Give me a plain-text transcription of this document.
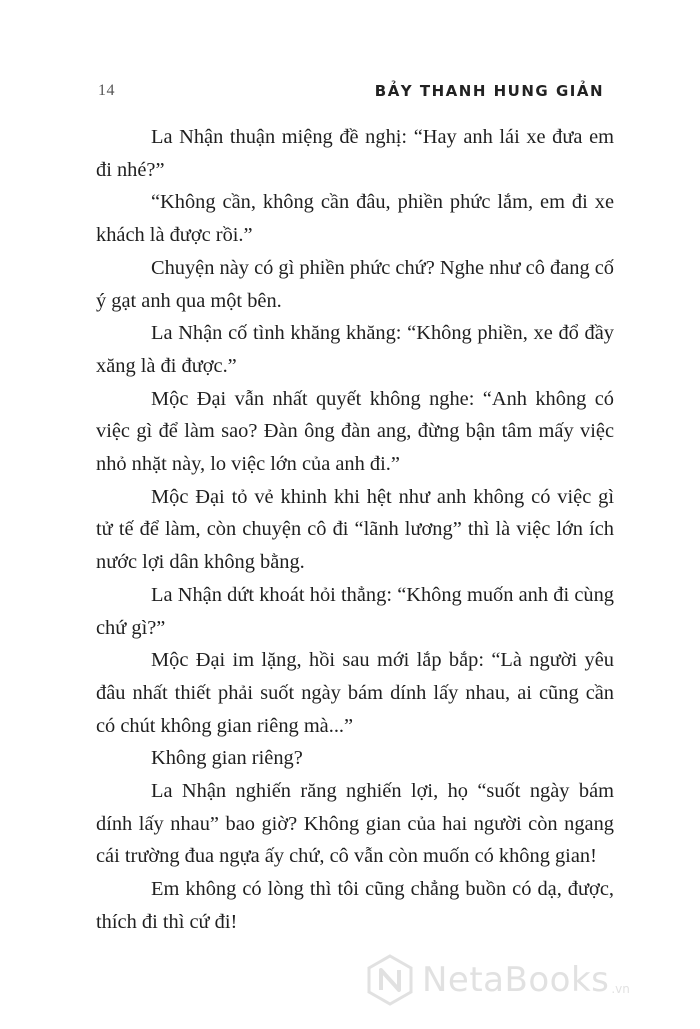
14	BẢY THANH HUNG GIẢN

La Nhận thuận miệng đề nghị: “Hay anh lái xe đưa em đi nhé?”

“Không cần, không cần đâu, phiền phức lắm, em đi xe khách là được rồi.”

Chuyện này có gì phiền phức chứ? Nghe như cô đang cố ý gạt anh qua một bên.

La Nhận cố tình khăng khăng: “Không phiền, xe đổ đầy xăng là đi được.”

Mộc Đại vẫn nhất quyết không nghe: “Anh không có việc gì để làm sao? Đàn ông đàn ang, đừng bận tâm mấy việc nhỏ nhặt này, lo việc lớn của anh đi.”

Mộc Đại tỏ vẻ khinh khi hệt như anh không có việc gì tử tế để làm, còn chuyện cô đi “lãnh lương” thì là việc lớn ích nước lợi dân không bằng.

La Nhận dứt khoát hỏi thẳng: “Không muốn anh đi cùng chứ gì?”

Mộc Đại im lặng, hồi sau mới lắp bắp: “Là người yêu đâu nhất thiết phải suốt ngày bám dính lấy nhau, ai cũng cần có chút không gian riêng mà...”

Không gian riêng?

La Nhận nghiến răng nghiến lợi, họ “suốt ngày bám dính lấy nhau” bao giờ? Không gian của hai người còn ngang cái trường đua ngựa ấy chứ, cô vẫn còn muốn có không gian!

Em không có lòng thì tôi cũng chẳng buồn có dạ, được, thích đi thì cứ đi!

NetaBooks .vn
